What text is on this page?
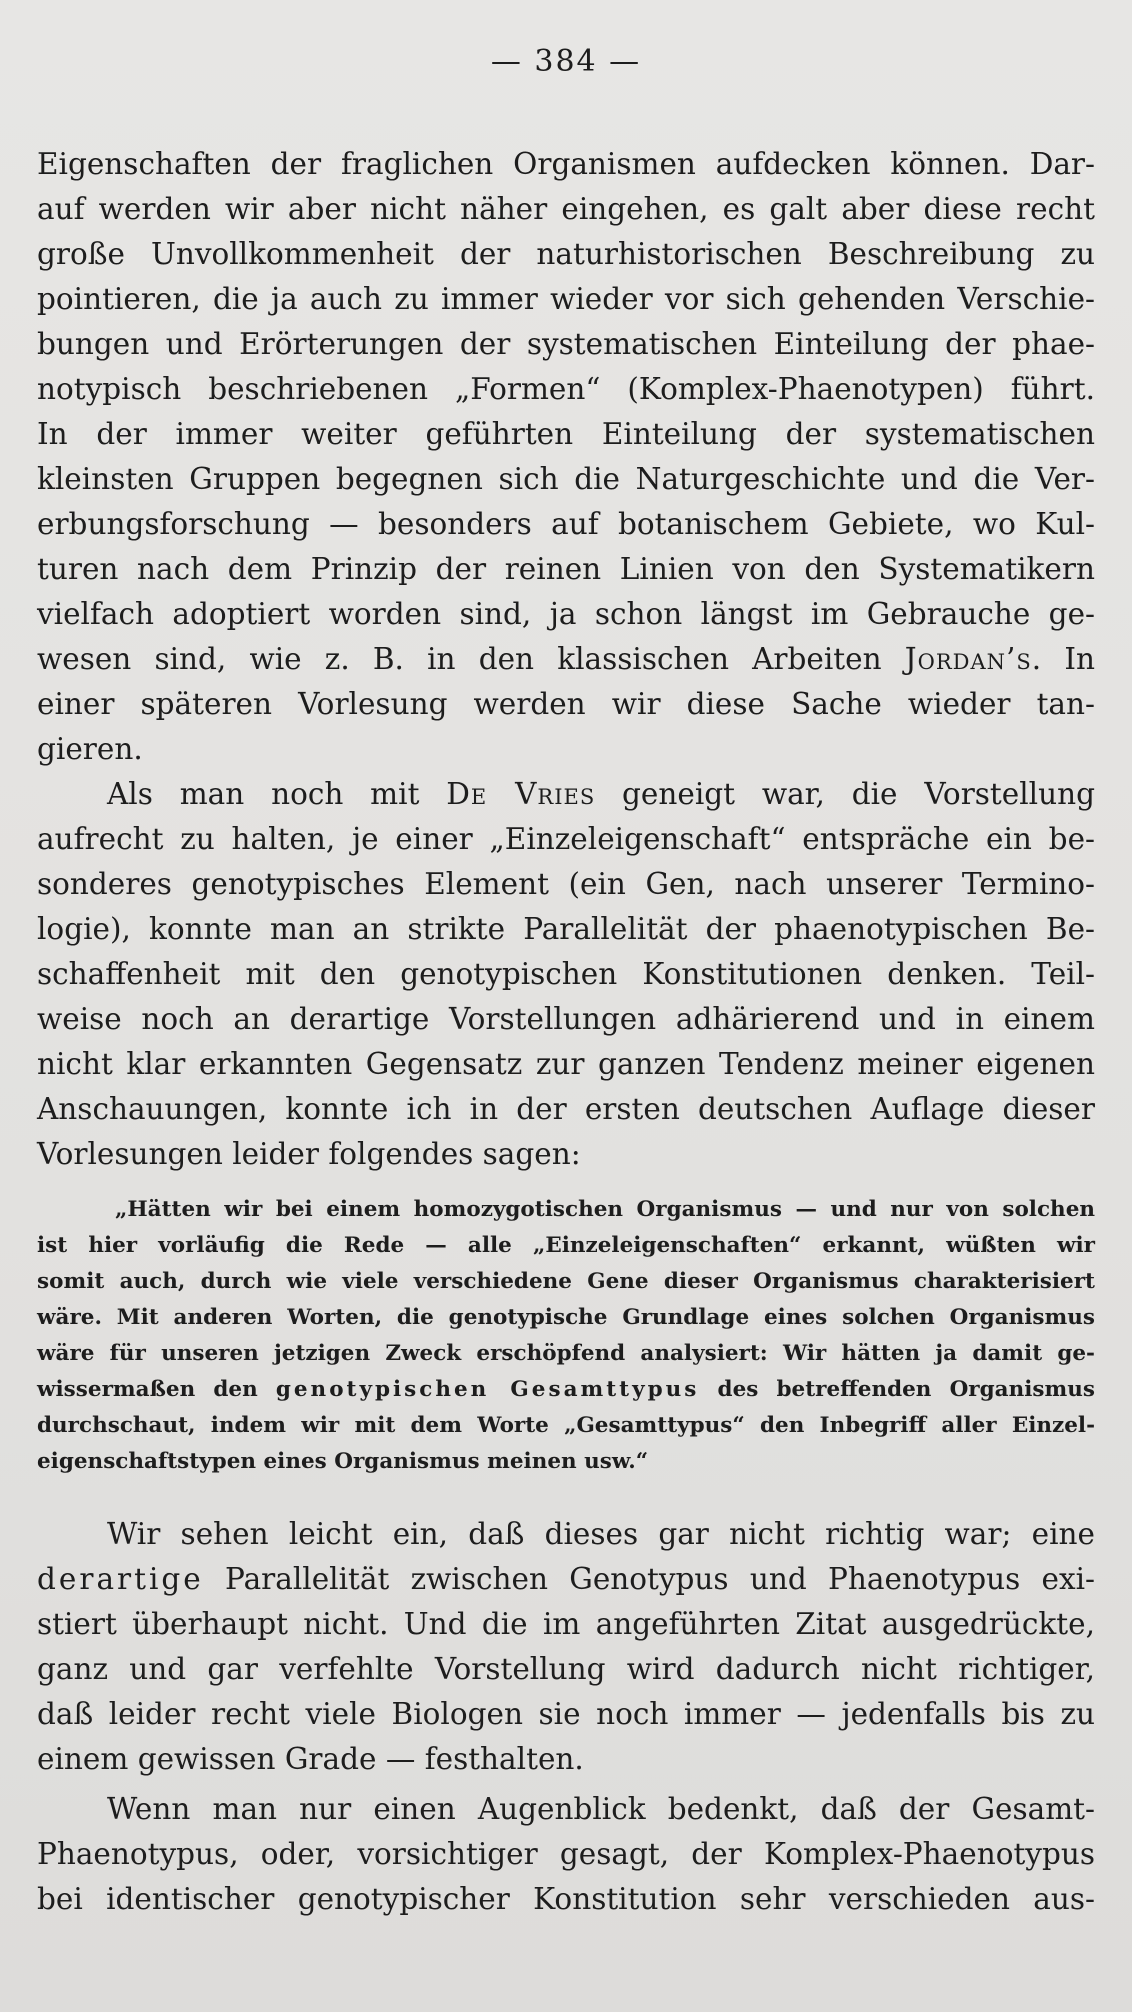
— 384 —
Eigenschaften der fraglichen Organismen aufdecken können. Dar-
auf werden wir aber nicht näher eingehen, es galt aber diese recht
große Unvollkommenheit der naturhistorischen Beschreibung zu
pointieren, die ja auch zu immer wieder vor sich gehenden Verschie-
bungen und Erörterungen der systematischen Einteilung der phae-
notypisch beschriebenen „Formen“ (Komplex-Phaenotypen) führt.
In der immer weiter geführten Einteilung der systematischen
kleinsten Gruppen begegnen sich die Naturgeschichte und die Ver-
erbungsforschung — besonders auf botanischem Gebiete, wo Kul-
turen nach dem Prinzip der reinen Linien von den Systematikern
vielfach adoptiert worden sind, ja schon längst im Gebrauche ge-
wesen sind, wie z. B. in den klassischen Arbeiten Jordan’s. In
einer späteren Vorlesung werden wir diese Sache wieder tan-
gieren.
Als man noch mit De Vries geneigt war, die Vorstellung
aufrecht zu halten, je einer „Einzeleigenschaft“ entspräche ein be-
sonderes genotypisches Element (ein Gen, nach unserer Termino-
logie), konnte man an strikte Parallelität der phaenotypischen Be-
schaffenheit mit den genotypischen Konstitutionen denken. Teil-
weise noch an derartige Vorstellungen adhärierend und in einem
nicht klar erkannten Gegensatz zur ganzen Tendenz meiner eigenen
Anschauungen, konnte ich in der ersten deutschen Auflage dieser
Vorlesungen leider folgendes sagen:
„Hätten wir bei einem homozygotischen Organismus — und nur von solchen
ist hier vorläufig die Rede — alle „Einzeleigenschaften“ erkannt, wüßten wir
somit auch, durch wie viele verschiedene Gene dieser Organismus charakterisiert
wäre. Mit anderen Worten, die genotypische Grundlage eines solchen Organismus
wäre für unseren jetzigen Zweck erschöpfend analysiert: Wir hätten ja damit ge-
wissermaßen den genotypischen Gesamttypus des betreffenden Organismus
durchschaut, indem wir mit dem Worte „Gesamttypus“ den Inbegriff aller Einzel-
eigenschaftstypen eines Organismus meinen usw.“
Wir sehen leicht ein, daß dieses gar nicht richtig war; eine
derartige Parallelität zwischen Genotypus und Phaenotypus exi-
stiert überhaupt nicht. Und die im angeführten Zitat ausgedrückte,
ganz und gar verfehlte Vorstellung wird dadurch nicht richtiger,
daß leider recht viele Biologen sie noch immer — jedenfalls bis zu
einem gewissen Grade — festhalten.
Wenn man nur einen Augenblick bedenkt, daß der Gesamt-
Phaenotypus, oder, vorsichtiger gesagt, der Komplex-Phaenotypus
bei identischer genotypischer Konstitution sehr verschieden aus-
